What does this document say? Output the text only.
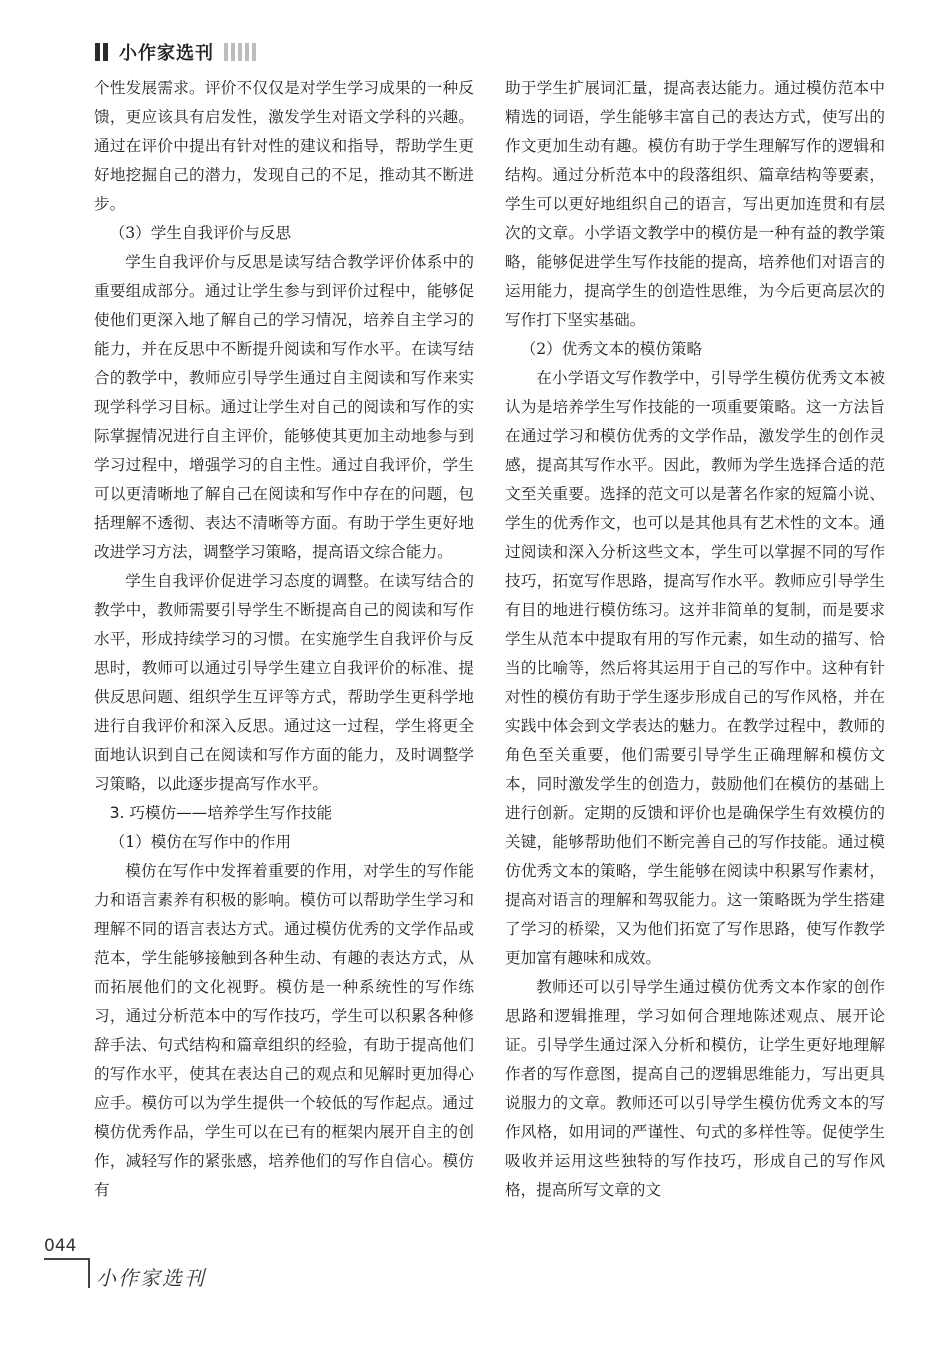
小作家选刊

个性发展需求。评价不仅仅是对学生学习成果的一种反馈，更应该具有启发性，激发学生对语文学科的兴趣。通过在评价中提出有针对性的建议和指导，帮助学生更好地挖掘自己的潜力，发现自己的不足，推动其不断进步。

（3）学生自我评价与反思

学生自我评价与反思是读写结合教学评价体系中的重要组成部分。通过让学生参与到评价过程中，能够促使他们更深入地了解自己的学习情况，培养自主学习的能力，并在反思中不断提升阅读和写作水平。在读写结合的教学中，教师应引导学生通过自主阅读和写作来实现学科学习目标。通过让学生对自己的阅读和写作的实际掌握情况进行自主评价，能够使其更加主动地参与到学习过程中，增强学习的自主性。通过自我评价，学生可以更清晰地了解自己在阅读和写作中存在的问题，包括理解不透彻、表达不清晰等方面。有助于学生更好地改进学习方法，调整学习策略，提高语文综合能力。

学生自我评价促进学习态度的调整。在读写结合的教学中，教师需要引导学生不断提高自己的阅读和写作水平，形成持续学习的习惯。在实施学生自我评价与反思时，教师可以通过引导学生建立自我评价的标准、提供反思问题、组织学生互评等方式，帮助学生更科学地进行自我评价和深入反思。通过这一过程，学生将更全面地认识到自己在阅读和写作方面的能力，及时调整学习策略，以此逐步提高写作水平。

3. 巧模仿——培养学生写作技能

（1）模仿在写作中的作用

模仿在写作中发挥着重要的作用，对学生的写作能力和语言素养有积极的影响。模仿可以帮助学生学习和理解不同的语言表达方式。通过模仿优秀的文学作品或范本，学生能够接触到各种生动、有趣的表达方式，从而拓展他们的文化视野。模仿是一种系统性的写作练习，通过分析范本中的写作技巧，学生可以积累各种修辞手法、句式结构和篇章组织的经验，有助于提高他们的写作水平，使其在表达自己的观点和见解时更加得心应手。模仿可以为学生提供一个较低的写作起点。通过模仿优秀作品，学生可以在已有的框架内展开自主的创作，减轻写作的紧张感，培养他们的写作自信心。模仿有

助于学生扩展词汇量，提高表达能力。通过模仿范本中精选的词语，学生能够丰富自己的表达方式，使写出的作文更加生动有趣。模仿有助于学生理解写作的逻辑和结构。通过分析范本中的段落组织、篇章结构等要素，学生可以更好地组织自己的语言，写出更加连贯和有层次的文章。小学语文教学中的模仿是一种有益的教学策略，能够促进学生写作技能的提高，培养他们对语言的运用能力，提高学生的创造性思维，为今后更高层次的写作打下坚实基础。

（2）优秀文本的模仿策略

在小学语文写作教学中，引导学生模仿优秀文本被认为是培养学生写作技能的一项重要策略。这一方法旨在通过学习和模仿优秀的文学作品，激发学生的创作灵感，提高其写作水平。因此，教师为学生选择合适的范文至关重要。选择的范文可以是著名作家的短篇小说、学生的优秀作文，也可以是其他具有艺术性的文本。通过阅读和深入分析这些文本，学生可以掌握不同的写作技巧，拓宽写作思路，提高写作水平。教师应引导学生有目的地进行模仿练习。这并非简单的复制，而是要求学生从范本中提取有用的写作元素，如生动的描写、恰当的比喻等，然后将其运用于自己的写作中。这种有针对性的模仿有助于学生逐步形成自己的写作风格，并在实践中体会到文学表达的魅力。在教学过程中，教师的角色至关重要，他们需要引导学生正确理解和模仿文本，同时激发学生的创造力，鼓励他们在模仿的基础上进行创新。定期的反馈和评价也是确保学生有效模仿的关键，能够帮助他们不断完善自己的写作技能。通过模仿优秀文本的策略，学生能够在阅读中积累写作素材，提高对语言的理解和驾驭能力。这一策略既为学生搭建了学习的桥梁，又为他们拓宽了写作思路，使写作教学更加富有趣味和成效。

教师还可以引导学生通过模仿优秀文本作家的创作思路和逻辑推理，学习如何合理地陈述观点、展开论证。引导学生通过深入分析和模仿，让学生更好地理解作者的写作意图，提高自己的逻辑思维能力，写出更具说服力的文章。教师还可以引导学生模仿优秀文本的写作风格，如用词的严谨性、句式的多样性等。促使学生吸收并运用这些独特的写作技巧，形成自己的写作风格，提高所写文章的文

044
小作家选刊
